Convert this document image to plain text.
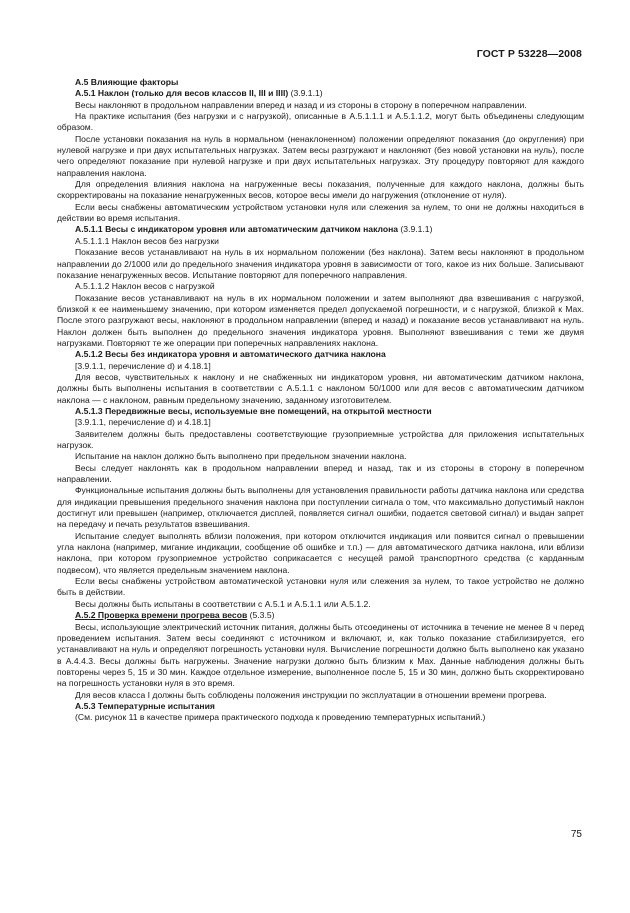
ГОСТ Р 53228—2008

А.5 Влияющие факторы

А.5.1 Наклон (только для весов классов II, III и IIII) (3.9.1.1)

Весы наклоняют в продольном направлении вперед и назад и из стороны в сторону в поперечном направлении.

На практике испытания (без нагрузки и с нагрузкой), описанные в А.5.1.1.1 и А.5.1.1.2, могут быть объединены следующим образом.

После установки показания на нуль в нормальном (ненаклоненном) положении определяют показания (до округления) при нулевой нагрузке и при двух испытательных нагрузках. Затем весы разгружают и наклоняют (без новой установки на нуль), после чего определяют показание при нулевой нагрузке и при двух испытательных нагрузках. Эту процедуру повторяют для каждого направления наклона.

Для определения влияния наклона на нагруженные весы показания, полученные для каждого наклона, должны быть скорректированы на показание ненагруженных весов, которое весы имели до нагружения (отклонение от нуля).

Если весы снабжены автоматическим устройством установки нуля или слежения за нулем, то они не должны находиться в действии во время испытания.

А.5.1.1 Весы с индикатором уровня или автоматическим датчиком наклона (3.9.1.1)

А.5.1.1.1 Наклон весов без нагрузки

Показание весов устанавливают на нуль в их нормальном положении (без наклона). Затем весы наклоняют в продольном направлении до 2/1000 или до предельного значения индикатора уровня в зависимости от того, какое из них больше. Записывают показание ненагруженных весов. Испытание повторяют для поперечного направления.

А.5.1.1.2 Наклон весов с нагрузкой

Показание весов устанавливают на нуль в их нормальном положении и затем выполняют два взвешивания с нагрузкой, близкой к ее наименьшему значению, при котором изменяется предел допускаемой погрешности, и с нагрузкой, близкой к Max. После этого разгружают весы, наклоняют в продольном направлении (вперед и назад) и показание весов устанавливают на нуль. Наклон должен быть выполнен до предельного значения индикатора уровня. Выполняют взвешивания с теми же двумя нагрузками. Повторяют те же операции при поперечных направлениях наклона.

А.5.1.2 Весы без индикатора уровня и автоматического датчика наклона

[3.9.1.1, перечисление d) и 4.18.1]

Для весов, чувствительных к наклону и не снабженных ни индикатором уровня, ни автоматическим датчиком наклона, должны быть выполнены испытания в соответствии с А.5.1.1 с наклоном 50/1000 или для весов с автоматическим датчиком наклона — с наклоном, равным предельному значению, заданному изготовителем.

А.5.1.3 Передвижные весы, используемые вне помещений, на открытой местности

[3.9.1.1, перечисление d) и 4.18.1]

Заявителем должны быть предоставлены соответствующие грузоприемные устройства для приложения испытательных нагрузок.

Испытание на наклон должно быть выполнено при предельном значении наклона.

Весы следует наклонять как в продольном направлении вперед и назад, так и из стороны в сторону в поперечном направлении.

Функциональные испытания должны быть выполнены для установления правильности работы датчика наклона или средства для индикации превышения предельного значения наклона при поступлении сигнала о том, что максимально допустимый наклон достигнут или превышен (например, отключается дисплей, появляется сигнал ошибки, подается световой сигнал) и выдан запрет на передачу и печать результатов взвешивания.

Испытание следует выполнять вблизи положения, при котором отключится индикация или появится сигнал о превышении угла наклона (например, мигание индикации, сообщение об ошибке и т.п.) — для автоматического датчика наклона, или вблизи наклона, при котором грузоприемное устройство соприкасается с несущей рамой транспортного средства (с карданным подвесом), что является предельным значением наклона.

Если весы снабжены устройством автоматической установки нуля или слежения за нулем, то такое устройство не должно быть в действии.

Весы должны быть испытаны в соответствии с А.5.1 и А.5.1.1 или А.5.1.2.

А.5.2 Проверка времени прогрева весов (5.3.5)

Весы, использующие электрический источник питания, должны быть отсоединены от источника в течение не менее 8 ч перед проведением испытания. Затем весы соединяют с источником и включают, и, как только показание стабилизируется, его устанавливают на нуль и определяют погрешность установки нуля. Вычисление погрешности должно быть выполнено как указано в А.4.4.3. Весы должны быть нагружены. Значение нагрузки должно быть близким к Max. Данные наблюдения должны быть повторены через 5, 15 и 30 мин. Каждое отдельное измерение, выполненное после 5, 15 и 30 мин, должно быть скорректировано на погрешность установки нуля в это время.

Для весов класса I должны быть соблюдены положения инструкции по эксплуатации в отношении времени прогрева.

А.5.3 Температурные испытания

(См. рисунок 11 в качестве примера практического подхода к проведению температурных испытаний.)

75
